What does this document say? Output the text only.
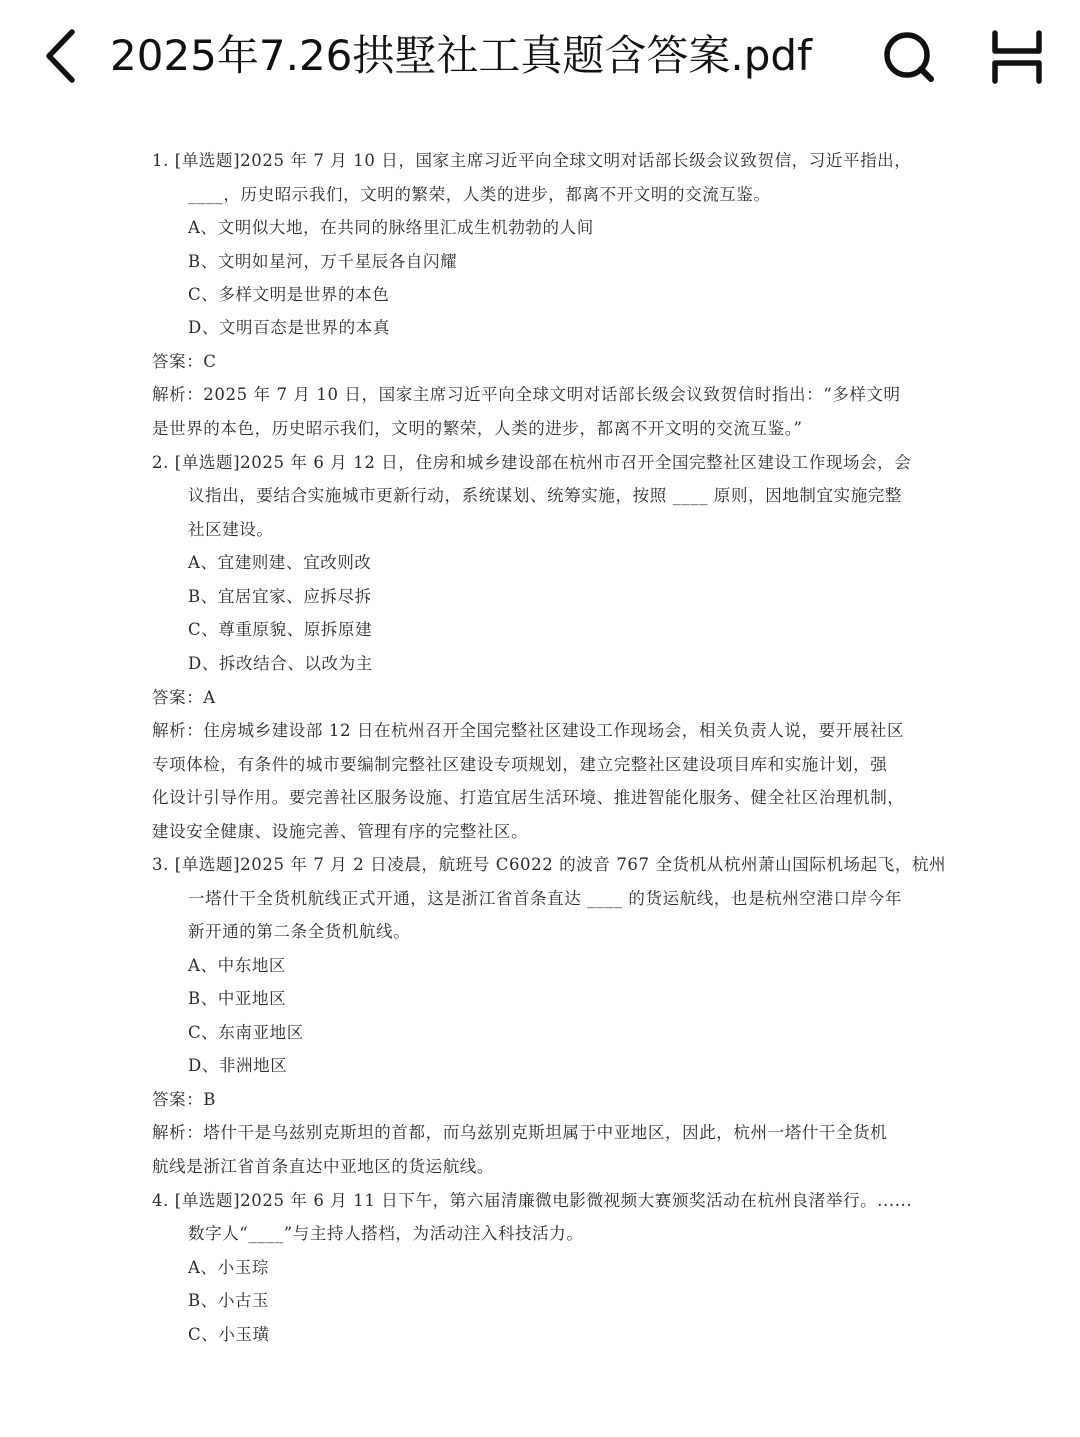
2025年7.26拱墅社工真题含答案.pdf
1. [单选题]2025 年 7 月 10 日，国家主席习近平向全球文明对话部长级会议致贺信，习近平指出，
____，历史昭示我们，文明的繁荣，人类的进步，都离不开文明的交流互鉴。
A、文明似大地，在共同的脉络里汇成生机勃勃的人间
B、文明如星河，万千星辰各自闪耀
C、多样文明是世界的本色
D、文明百态是世界的本真
答案：C
解析：2025 年 7 月 10 日，国家主席习近平向全球文明对话部长级会议致贺信时指出：“多样文明
是世界的本色，历史昭示我们，文明的繁荣，人类的进步，都离不开文明的交流互鉴。”
2. [单选题]2025 年 6 月 12 日，住房和城乡建设部在杭州市召开全国完整社区建设工作现场会，会
议指出，要结合实施城市更新行动，系统谋划、统筹实施，按照 ____ 原则，因地制宜实施完整
社区建设。
A、宜建则建、宜改则改
B、宜居宜家、应拆尽拆
C、尊重原貌、原拆原建
D、拆改结合、以改为主
答案：A
解析：住房城乡建设部 12 日在杭州召开全国完整社区建设工作现场会，相关负责人说，要开展社区
专项体检，有条件的城市要编制完整社区建设专项规划，建立完整社区建设项目库和实施计划，强
化设计引导作用。要完善社区服务设施、打造宜居生活环境、推进智能化服务、健全社区治理机制，
建设安全健康、设施完善、管理有序的完整社区。
3. [单选题]2025 年 7 月 2 日凌晨，航班号 C6022 的波音 767 全货机从杭州萧山国际机场起飞，杭州
一塔什干全货机航线正式开通，这是浙江省首条直达 ____ 的货运航线，也是杭州空港口岸今年
新开通的第二条全货机航线。
A、中东地区
B、中亚地区
C、东南亚地区
D、非洲地区
答案：B
解析：塔什干是乌兹别克斯坦的首都，而乌兹别克斯坦属于中亚地区，因此，杭州一塔什干全货机
航线是浙江省首条直达中亚地区的货运航线。
4. [单选题]2025 年 6 月 11 日下午，第六届清廉微电影微视频大赛颁奖活动在杭州良渚举行。......
数字人“____”与主持人搭档，为活动注入科技活力。
A、小玉琮
B、小古玉
C、小玉璜
